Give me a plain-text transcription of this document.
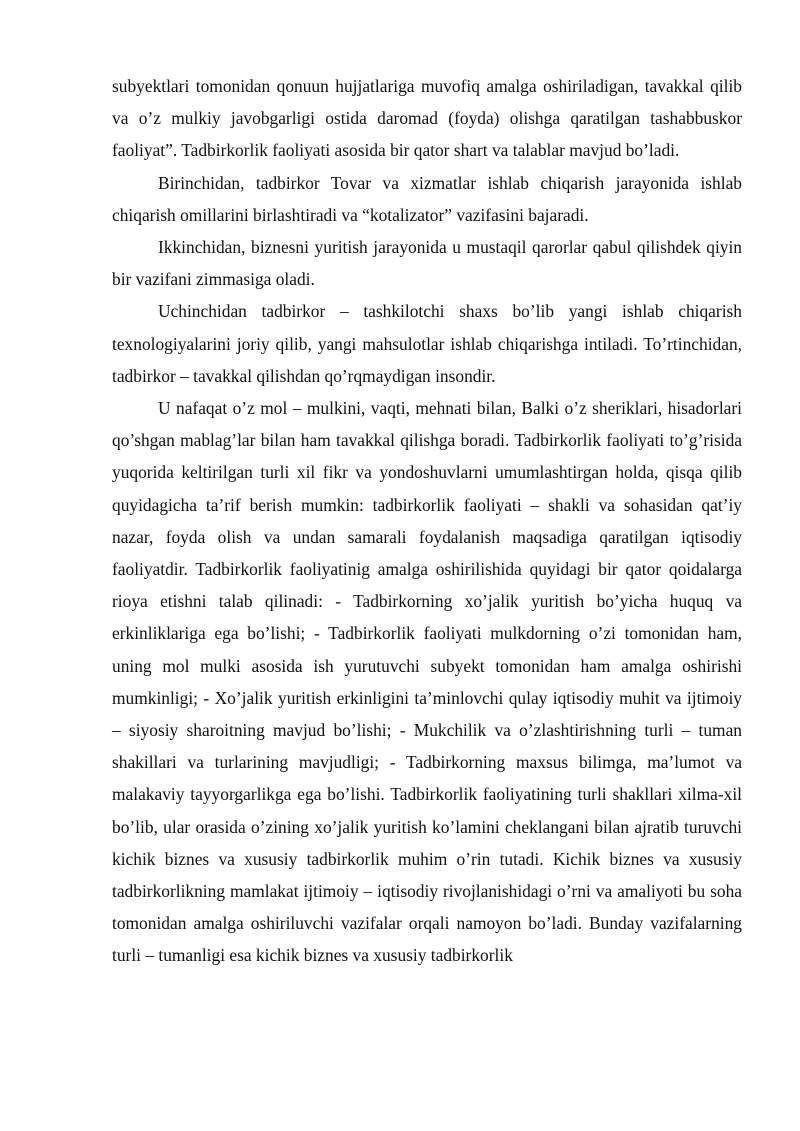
subyektlari tomonidan qonuun hujjatlariga muvofiq amalga oshiriladigan, tavakkal qilib va o’z mulkiy javobgarligi ostida daromad (foyda) olishga qaratilgan tashabbuskor faoliyat”. Tadbirkorlik faoliyati asosida bir qator shart va talablar mavjud bo’ladi.

Birinchidan, tadbirkor Tovar va xizmatlar ishlab chiqarish jarayonida ishlab chiqarish omillarini birlashtiradi va “kotalizator” vazifasini bajaradi.

Ikkinchidan, biznesni yuritish jarayonida u mustaqil qarorlar qabul qilishdek qiyin bir vazifani zimmasiga oladi.

Uchinchidan tadbirkor – tashkilotchi shaxs bo’lib yangi ishlab chiqarish texnologiyalarini joriy qilib, yangi mahsulotlar ishlab chiqarishga intiladi. To’rtinchidan, tadbirkor – tavakkal qilishdan qo’rqmaydigan insondir.

U nafaqat o’z mol – mulkini, vaqti, mehnati bilan, Balki o’z sheriklari, hisadorlari qo’shgan mablag’lar bilan ham tavakkal qilishga boradi. Tadbirkorlik faoliyati to’g’risida yuqorida keltirilgan turli xil fikr va yondoshuvlarni umumlashtirgan holda, qisqa qilib quyidagicha ta’rif berish mumkin: tadbirkorlik faoliyati – shakli va sohasidan qat’iy nazar, foyda olish va undan samarali foydalanish maqsadiga qaratilgan iqtisodiy faoliyatdir. Tadbirkorlik faoliyatinig amalga oshirilishida quyidagi bir qator qoidalarga rioya etishni talab qilinadi: - Tadbirkorning xo’jalik yuritish bo’yicha huquq va erkinliklariga ega bo’lishi; - Tadbirkorlik faoliyati mulkdorning o’zi tomonidan ham, uning mol mulki asosida ish yurutuvchi subyekt tomonidan ham amalga oshirishi mumkinligi; - Xo’jalik yuritish erkinligini ta’minlovchi qulay iqtisodiy muhit va ijtimoiy – siyosiy sharoitning mavjud bo’lishi; - Mukchilik va o’zlashtirishning turli – tuman shakillari va turlarining mavjudligi; - Tadbirkorning maxsus bilimga, ma’lumot va malakaviy tayyorgarlikga ega bo’lishi. Tadbirkorlik faoliyatining turli shakllari xilma-xil bo’lib, ular orasida o’zining xo’jalik yuritish ko’lamini cheklangani bilan ajratib turuvchi kichik biznes va xususiy tadbirkorlik muhim o’rin tutadi. Kichik biznes va xususiy tadbirkorlikning mamlakat ijtimoiy – iqtisodiy rivojlanishidagi o’rni va amaliyoti bu soha tomonidan amalga oshiriluvchi vazifalar orqali namoyon bo’ladi. Bunday vazifalarning turli – tumanligi esa kichik biznes va xususiy tadbirkorlik
